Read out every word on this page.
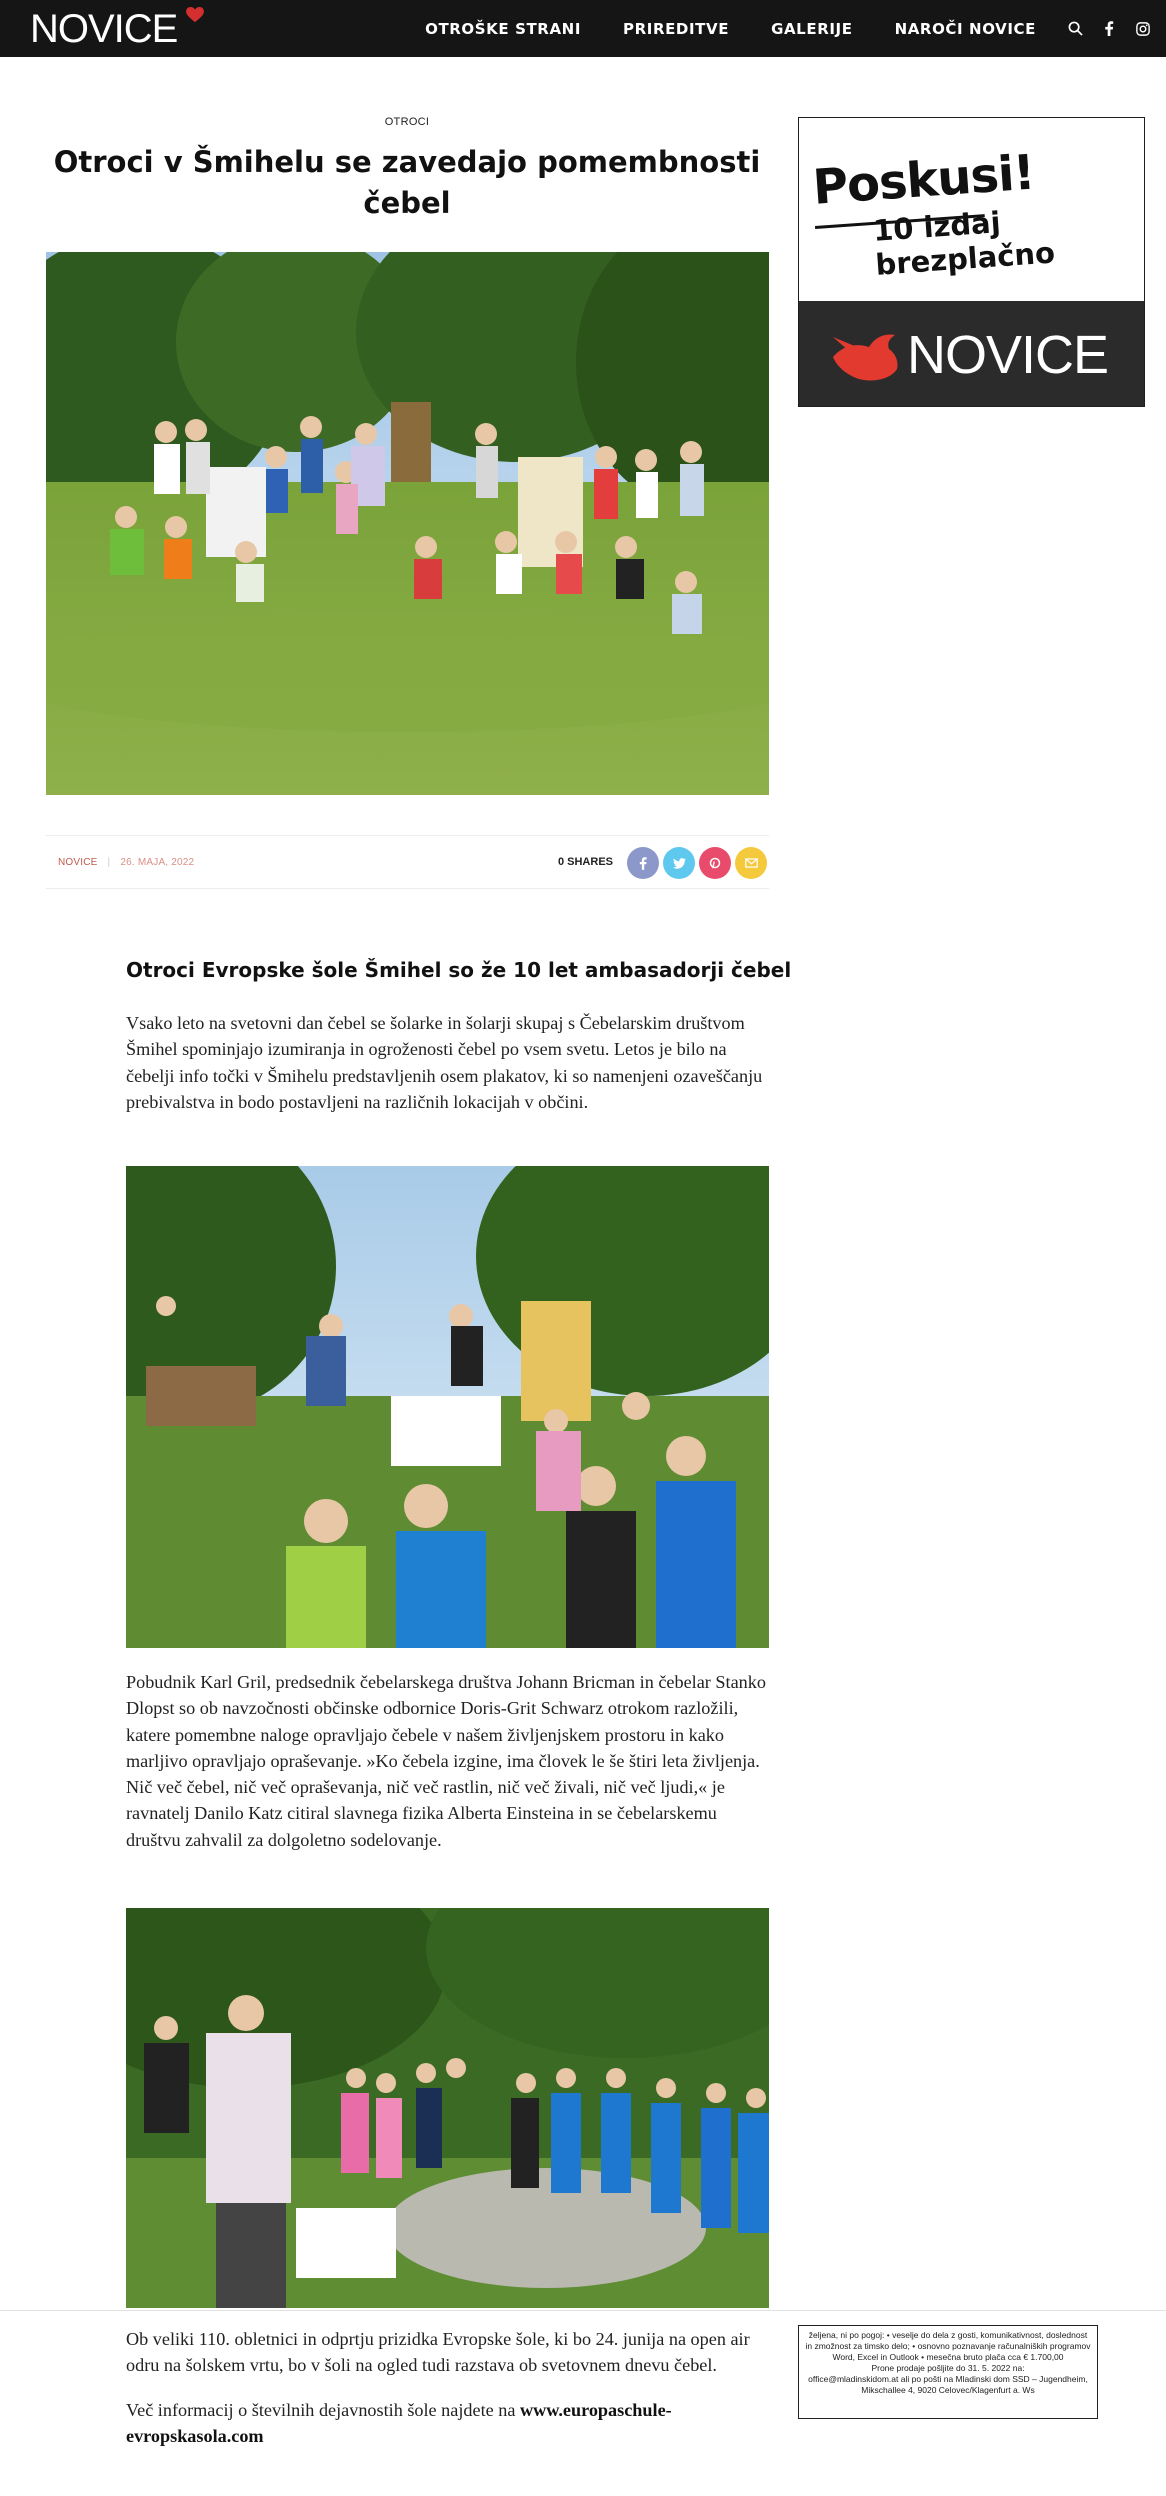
NOVICE	OTROŠKE STRANI	PRIREDITVE	GALERIJE	NAROČI NOVICE
OTROCI
Otroci v Šmihelu se zavedajo pomembnosti čebel
NOVICE | 26. MAJA, 2022	0
SHARES
Otroci Evropske šole Šmihel so že 10 let ambasadorji čebel

Vsako leto na svetovni dan čebel se šolarke in šolarji skupaj s Čebelarskim društvom Šmihel spominjajo izumiranja in ogroženosti čebel po vsem svetu. Letos je bilo na čebelji info točki v Šmihelu predstavljenih osem plakatov, ki so namenjeni ozaveščanju prebivalstva in bodo postavljeni na različnih lokacijah v občini.

Pobudnik Karl Gril, predsednik čebelarskega društva Johann Bricman in čebelar Stanko Dlopst so ob navzočnosti občinske odbornice Doris-Grit Schwarz otrokom razložili, katere pomembne naloge opravljajo čebele v našem življenjskem prostoru in kako marljivo opravljajo opraševanje. »Ko čebela izgine, ima človek le še štiri leta življenja. Nič več čebel, nič več opraševanja, nič več rastlin, nič več živali, nič več ljudi,« je ravnatelj Danilo Katz citiral slavnega fizika Alberta Einsteina in se čebelarskemu društvu zahvalil za dolgoletno sodelovanje.

Poskusi!
10 izdaj brezplačno
NOVICE

željena, ni po pogoj: • veselje do dela z gosti, komunikativnost, doslednost

in zmožnost za timsko delo; • osnovno poznavanje računalniških programov

Word, Excel in Outlook • mesečna bruto plača cca € 1.700,00

Prone prodaje pošljite do 31. 5. 2022 na:

office@mladinskidom.at ali po pošti na Mladinski dom SSD – Jugendheim,

Mikschallee 4, 9020 Celovec/Klagenfurt a. Ws

Ob veliki 110. obletnici in odprtju prizidka Evropske šole, ki bo 24. junija na open air odru na šolskem vrtu, bo v šoli na ogled tudi razstava ob svetovnem dnevu čebel.

Več informacij o številnih dejavnostih šole najdete na www.europaschule-evropskasola.com
